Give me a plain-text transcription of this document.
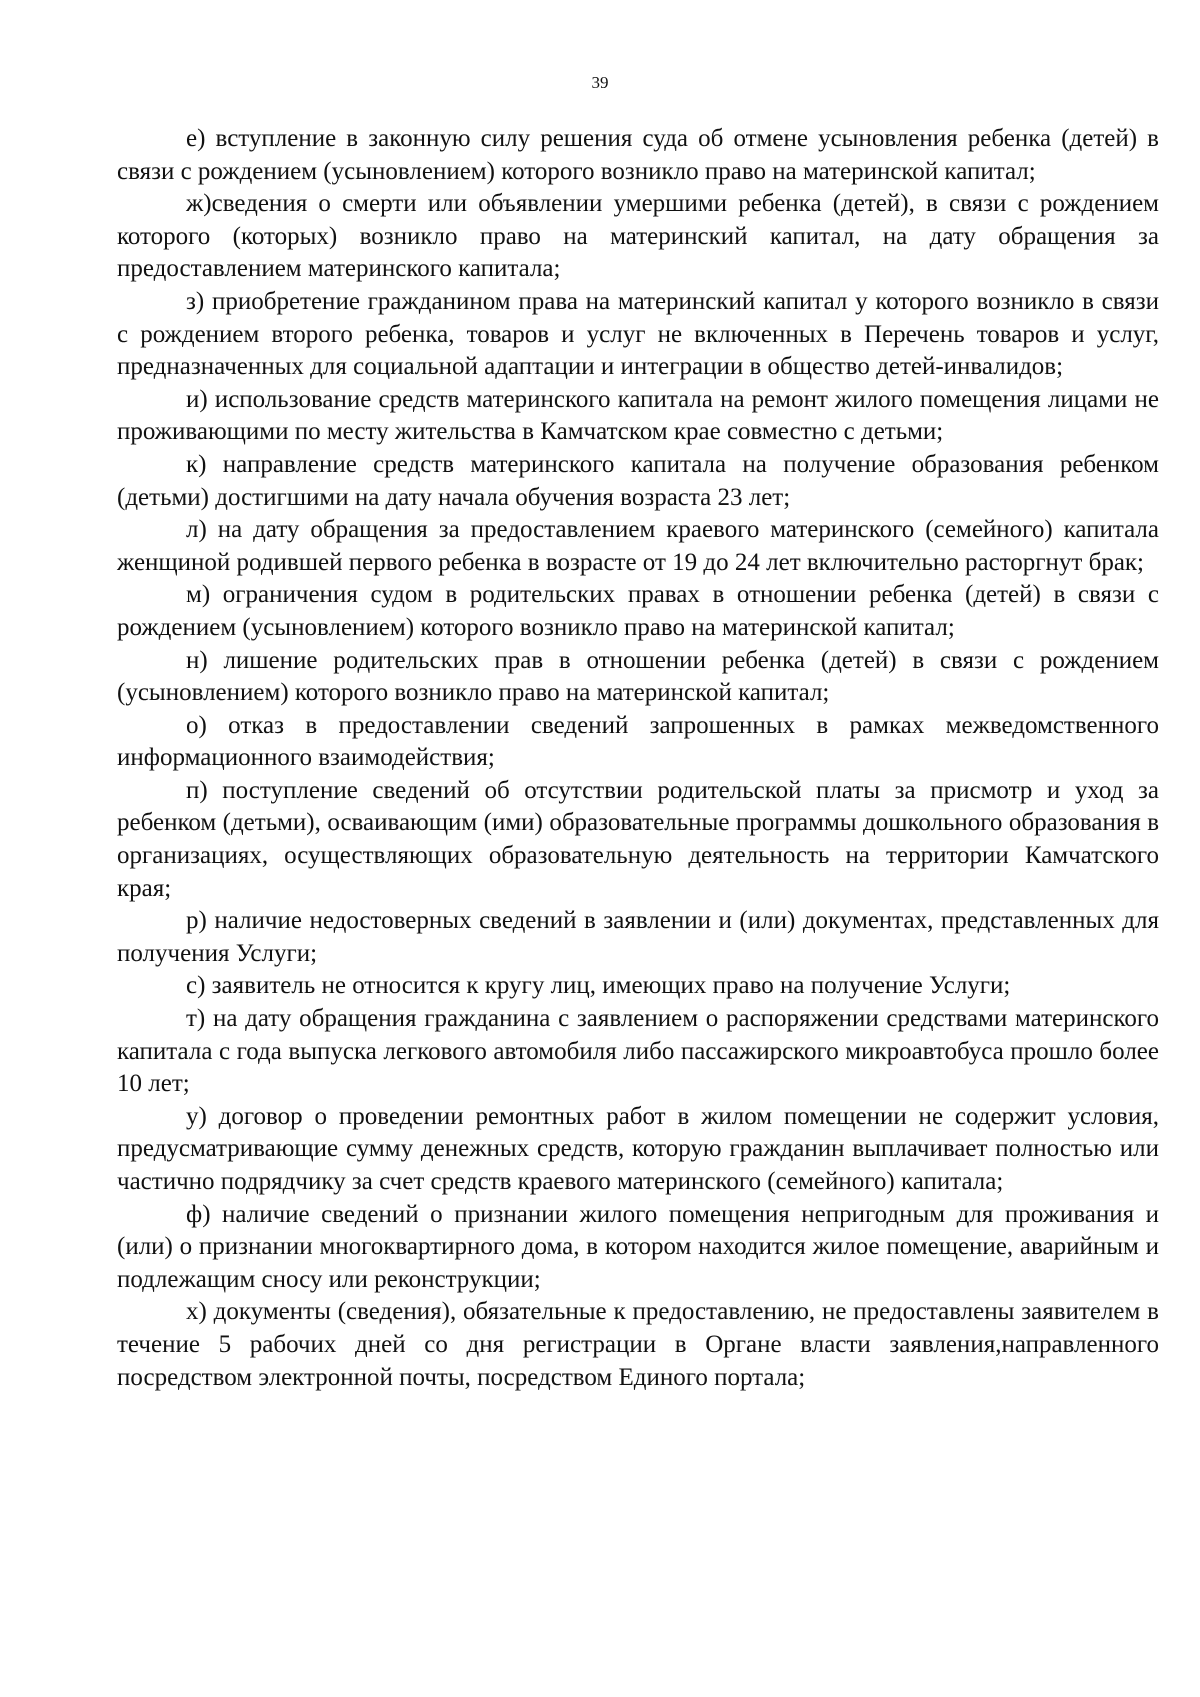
39

е) вступление в законную силу решения суда об отмене усыновления ребенка (детей) в связи с рождением (усыновлением) которого возникло право на материнской капитал;

ж)сведения о смерти или объявлении умершими ребенка (детей), в связи с рождением которого (которых) возникло право на материнский капитал, на дату обращения за предоставлением материнского капитала;

з) приобретение гражданином права на материнский капитал у которого возникло в связи с рождением второго ребенка, товаров и услуг не включенных в Перечень товаров и услуг, предназначенных для социальной адаптации и интеграции в общество детей-инвалидов;

и) использование средств материнского капитала на ремонт жилого помещения лицами не проживающими по месту жительства в Камчатском крае совместно с детьми;

к) направление средств материнского капитала на получение образования ребенком (детьми) достигшими на дату начала обучения возраста 23 лет;

л) на дату обращения за предоставлением краевого материнского (семейного) капитала женщиной родившей первого ребенка в возрасте от 19 до 24 лет включительно расторгнут брак;

м) ограничения судом в родительских правах в отношении ребенка (детей) в связи с рождением (усыновлением) которого возникло право на материнской капитал;

н) лишение родительских прав в отношении ребенка (детей) в связи с рождением (усыновлением) которого возникло право на материнской капитал;

о) отказ в предоставлении сведений запрошенных в рамках межведомственного информационного взаимодействия;

п) поступление сведений об отсутствии родительской платы за присмотр и уход за ребенком (детьми), осваивающим (ими) образовательные программы дошкольного образования в организациях, осуществляющих образовательную деятельность на территории Камчатского края;

р) наличие недостоверных сведений в заявлении и (или) документах, представленных для получения Услуги;

с) заявитель не относится к кругу лиц, имеющих право на получение Услуги;

т) на дату обращения гражданина с заявлением о распоряжении средствами материнского капитала с года выпуска легкового автомобиля либо пассажирского микроавтобуса прошло более 10 лет;

у) договор о проведении ремонтных работ в жилом помещении не содержит условия, предусматривающие сумму денежных средств, которую гражданин выплачивает полностью или частично подрядчику за счет средств краевого материнского (семейного) капитала;

ф) наличие сведений о признании жилого помещения непригодным для проживания и (или) о признании многоквартирного дома, в котором находится жилое помещение, аварийным и подлежащим сносу или реконструкции;

х) документы (сведения), обязательные к предоставлению, не предоставлены заявителем в течение 5 рабочих дней со дня регистрации в Органе власти заявления,направленного посредством электронной почты, посредством Единого портала;
